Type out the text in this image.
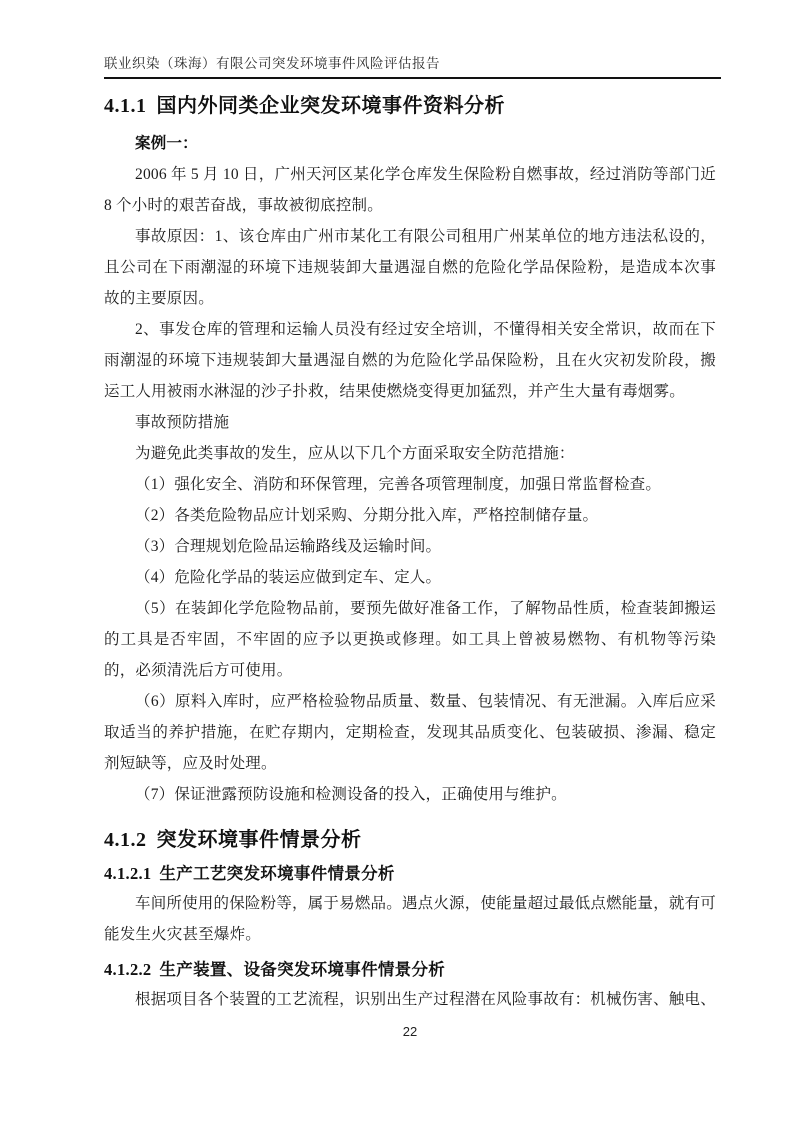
联业织染（珠海）有限公司突发环境事件风险评估报告
4.1.1 国内外同类企业突发环境事件资料分析

案例一：

2006 年 5 月 10 日，广州天河区某化学仓库发生保险粉自燃事故，经过消防等部门近 8 个小时的艰苦奋战，事故被彻底控制。

事故原因：1、该仓库由广州市某化工有限公司租用广州某单位的地方违法私设的，且公司在下雨潮湿的环境下违规装卸大量遇湿自燃的危险化学品保险粉，是造成本次事故的主要原因。

2、事发仓库的管理和运输人员没有经过安全培训，不懂得相关安全常识，故而在下雨潮湿的环境下违规装卸大量遇湿自燃的为危险化学品保险粉，且在火灾初发阶段，搬运工人用被雨水淋湿的沙子扑救，结果使燃烧变得更加猛烈，并产生大量有毒烟雾。

事故预防措施

为避免此类事故的发生，应从以下几个方面采取安全防范措施：

（1）强化安全、消防和环保管理，完善各项管理制度，加强日常监督检查。

（2）各类危险物品应计划采购、分期分批入库，严格控制储存量。

（3）合理规划危险品运输路线及运输时间。

（4）危险化学品的装运应做到定车、定人。

（5）在装卸化学危险物品前，要预先做好准备工作，了解物品性质，检查装卸搬运的工具是否牢固，不牢固的应予以更换或修理。如工具上曾被易燃物、有机物等污染的，必须清洗后方可使用。

（6）原料入库时，应严格检验物品质量、数量、包装情况、有无泄漏。入库后应采取适当的养护措施，在贮存期内，定期检查，发现其品质变化、包装破损、渗漏、稳定剂短缺等，应及时处理。

（7）保证泄露预防设施和检测设备的投入，正确使用与维护。

4.1.2 突发环境事件情景分析
4.1.2.1 生产工艺突发环境事件情景分析

车间所使用的保险粉等，属于易燃品。遇点火源，使能量超过最低点燃能量，就有可能发生火灾甚至爆炸。

4.1.2.2 生产装置、设备突发环境事件情景分析

根据项目各个装置的工艺流程，识别出生产过程潜在风险事故有：机械伤害、触电、

22
